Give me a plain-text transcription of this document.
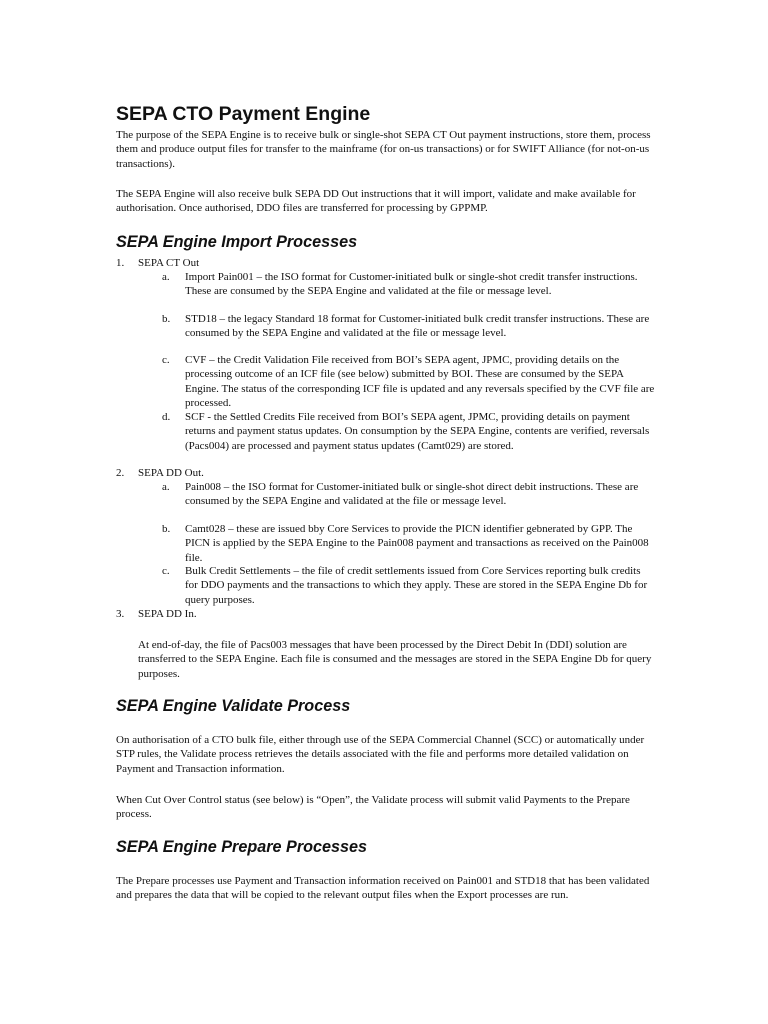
SEPA CTO Payment Engine

The purpose of the SEPA Engine is to receive bulk or single-shot SEPA CT Out payment instructions, store them, process them and produce output files for transfer to the mainframe (for on-us transactions) or for SWIFT Alliance (for not-on-us transactions).

The SEPA Engine will also receive bulk SEPA DD Out instructions that it will import, validate and make available for authorisation. Once authorised, DDO files are transferred for processing by GPPMP.

SEPA Engine Import Processes
1.	SEPA CT Out
a.	Import Pain001 – the ISO format for Customer-initiated bulk or single-shot credit transfer instructions. These are consumed by the SEPA Engine and validated at the file or message level.

b.	STD18 – the legacy Standard 18 format for Customer-initiated bulk credit transfer instructions. These are consumed by the SEPA Engine and validated at the file or message level.

c.	CVF – the Credit Validation File received from BOI’s SEPA agent, JPMC, providing details on the processing outcome of an ICF file (see below) submitted by BOI. These are consumed by the SEPA Engine. The status of the corresponding ICF file is updated and any reversals specified by the CVF file are processed.

d.	SCF - the Settled Credits File received from BOI’s SEPA agent, JPMC, providing details on payment returns and payment status updates. On consumption by the SEPA Engine, contents are verified, reversals (Pacs004) are processed and payment status updates (Camt029) are stored.

2.	SEPA DD Out.
a.	Pain008 – the ISO format for Customer-initiated bulk or single-shot direct debit instructions. These are consumed by the SEPA Engine and validated at the file or message level.

b.	Camt028 – these are issued bby Core Services to provide the PICN identifier gebnerated by GPP. The PICN is applied by the SEPA Engine to the Pain008 payment and transactions as received on the Pain008 file.

c.	Bulk Credit Settlements – the file of credit settlements issued from Core Services reporting bulk credits for DDO payments and the transactions to which they apply. These are stored in the SEPA Engine Db for query purposes.

3.	SEPA DD In.

At end-of-day, the file of Pacs003 messages that have been processed by the Direct Debit In (DDI) solution are transferred to the SEPA Engine. Each file is consumed and the messages are stored in the SEPA Engine Db for query purposes.

SEPA Engine Validate Process

On authorisation of a CTO bulk file, either through use of the SEPA Commercial Channel (SCC) or automatically under STP rules, the Validate process retrieves the details associated with the file and performs more detailed validation on Payment and Transaction information.

When Cut Over Control status (see below) is “Open”, the Validate process will submit valid Payments to the Prepare process.

SEPA Engine Prepare Processes

The Prepare processes use Payment and Transaction information received on Pain001 and STD18 that has been validated and prepares the data that will be copied to the relevant output files when the Export processes are run.
